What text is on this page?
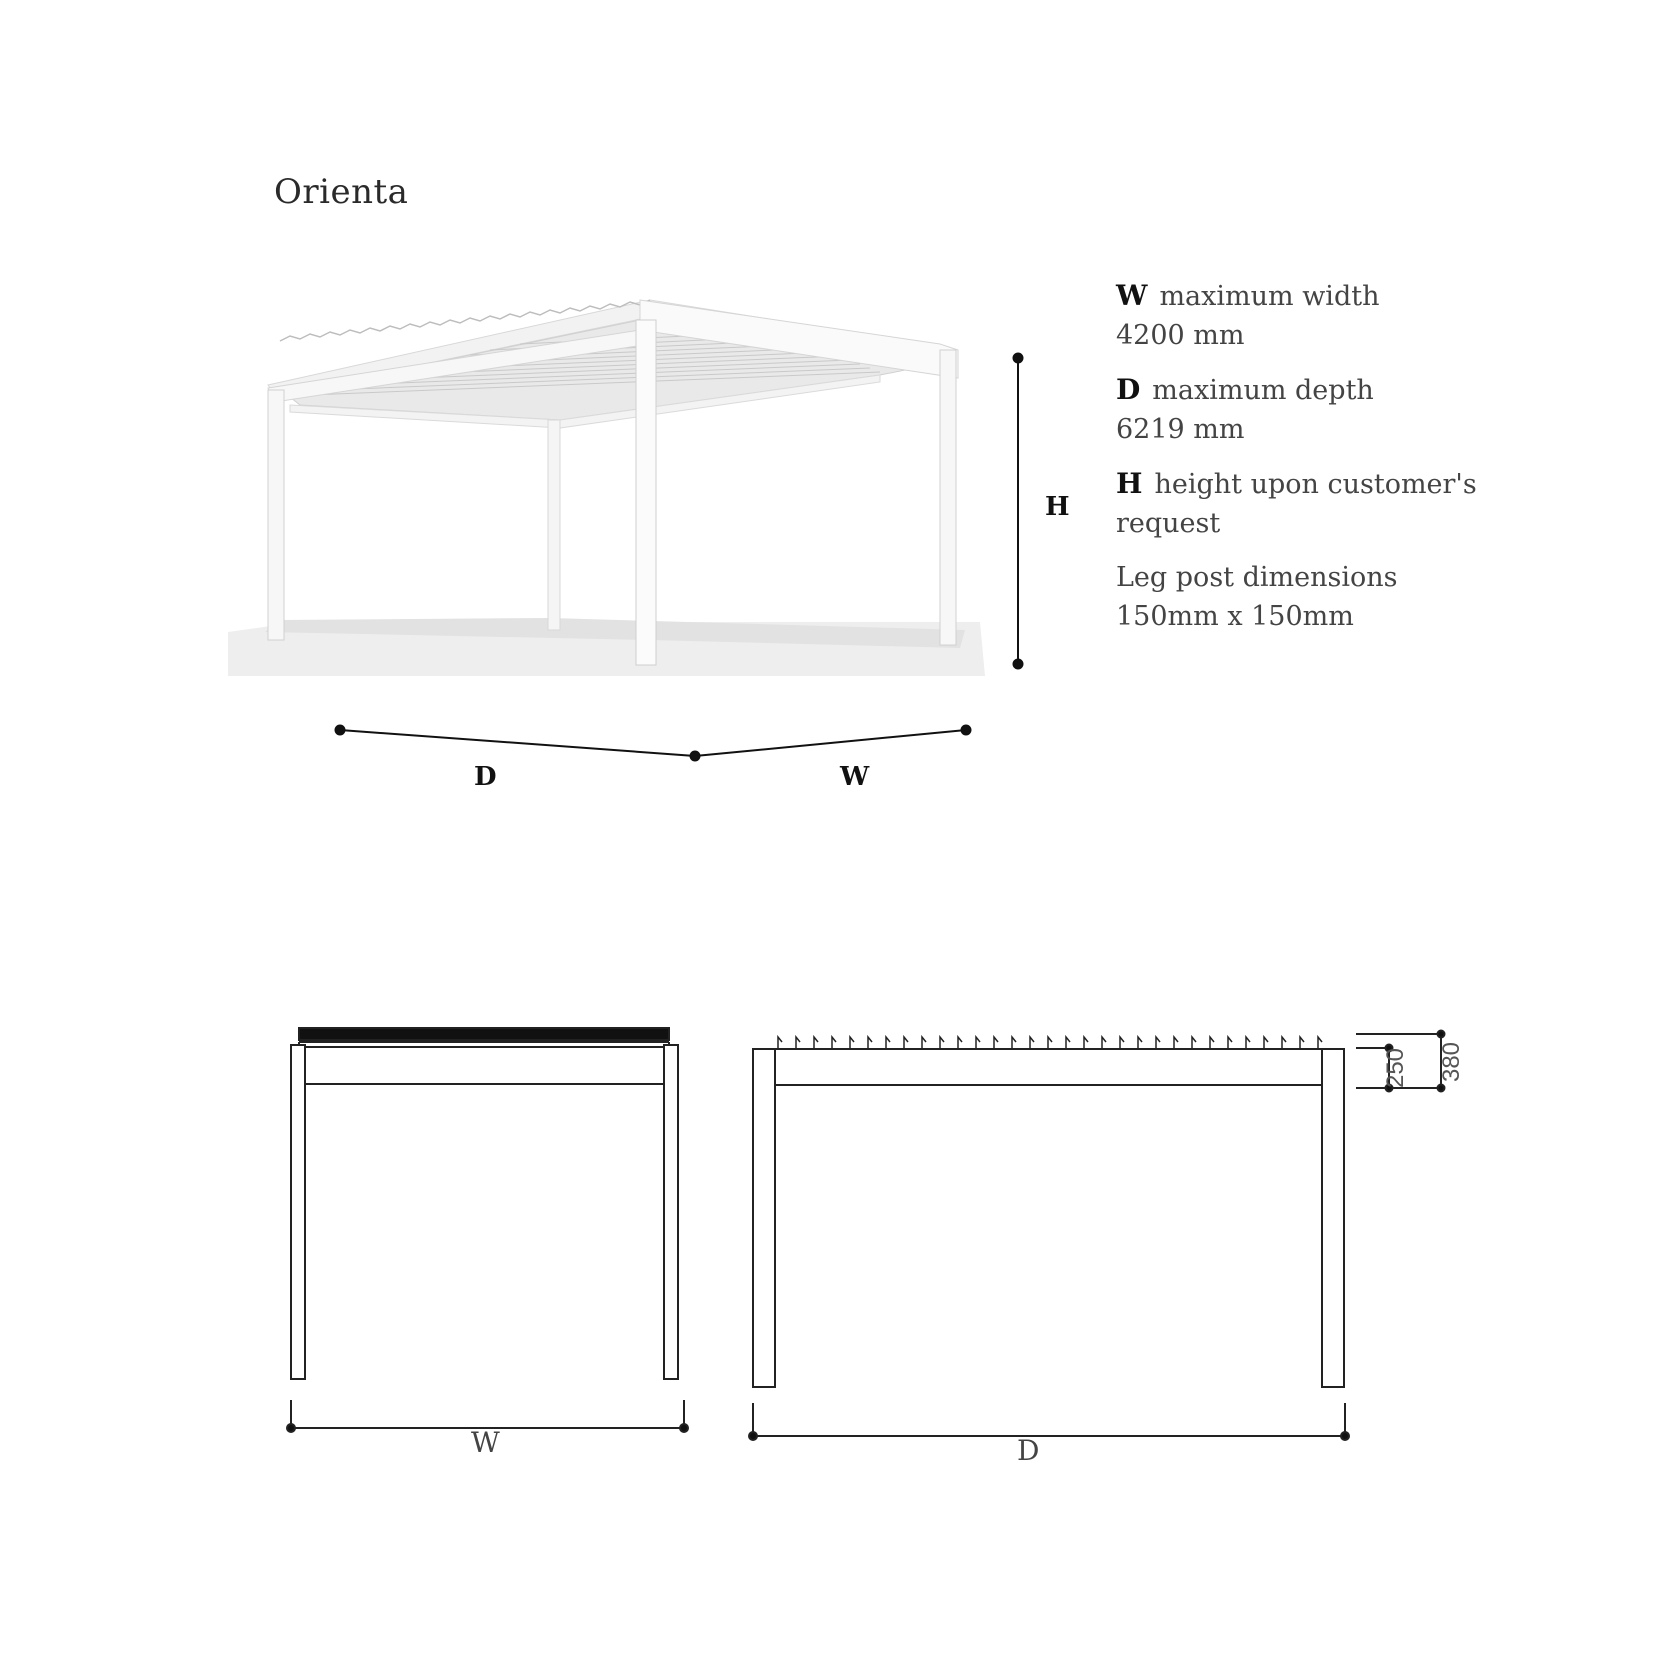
Orienta
H
D	W
W maximum width
4200 mm
D maximum depth
6219 mm
H height upon customer's
request
Leg post dimensions
150mm x 150mm
W	D
250 380
